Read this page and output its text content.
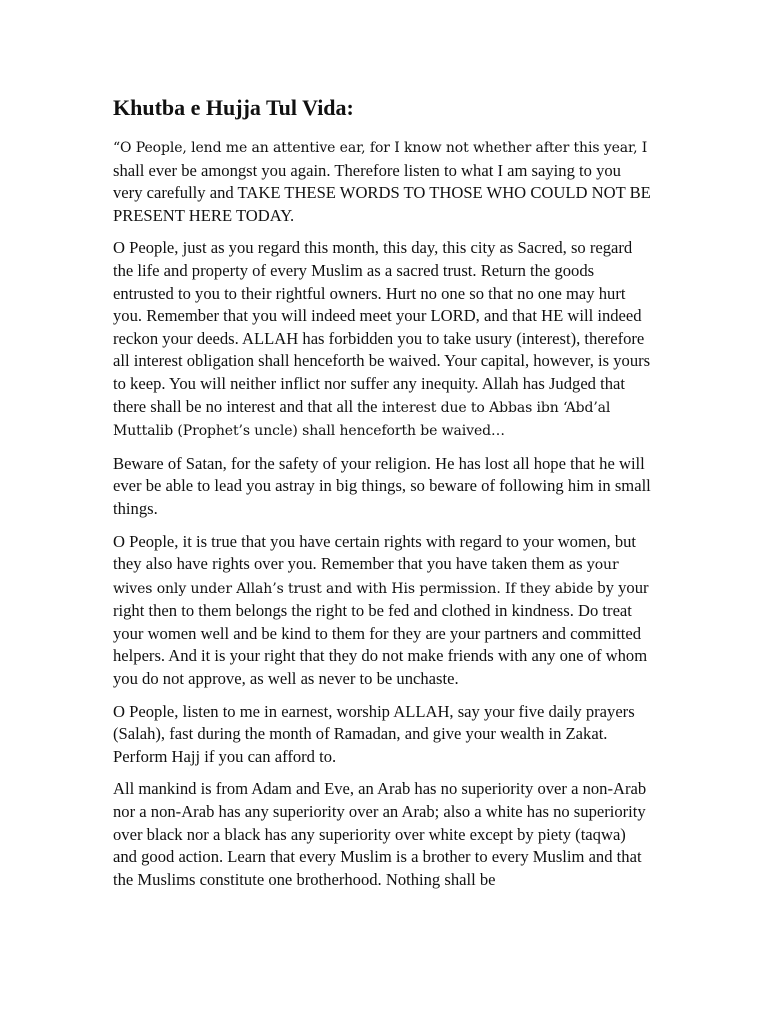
Khutba e Hujja Tul Vida:

“O People, lend me an attentive ear, for I know not whether after this year, I shall ever be amongst you again. Therefore listen to what I am saying to you very carefully and TAKE THESE WORDS TO THOSE WHO COULD NOT BE PRESENT HERE TODAY.

O People, just as you regard this month, this day, this city as Sacred, so regard the life and property of every Muslim as a sacred trust. Return the goods entrusted to you to their rightful owners. Hurt no one so that no one may hurt you. Remember that you will indeed meet your LORD, and that HE will indeed reckon your deeds. ALLAH has forbidden you to take usury (interest), therefore all interest obligation shall henceforth be waived. Your capital, however, is yours to keep. You will neither inflict nor suffer any inequity. Allah has Judged that there shall be no interest and that all the interest due to Abbas ibn ‘Abd’al Muttalib (Prophet’s uncle) shall henceforth be waived…

Beware of Satan, for the safety of your religion. He has lost all hope that he will ever be able to lead you astray in big things, so beware of following him in small things.

O People, it is true that you have certain rights with regard to your women, but they also have rights over you. Remember that you have taken them as your wives only under Allah’s trust and with His permission. If they abide by your right then to them belongs the right to be fed and clothed in kindness. Do treat your women well and be kind to them for they are your partners and committed helpers. And it is your right that they do not make friends with any one of whom you do not approve, as well as never to be unchaste.

O People, listen to me in earnest, worship ALLAH, say your five daily prayers (Salah), fast during the month of Ramadan, and give your wealth in Zakat. Perform Hajj if you can afford to.

All mankind is from Adam and Eve, an Arab has no superiority over a non-Arab nor a non-Arab has any superiority over an Arab; also a white has no superiority over black nor a black has any superiority over white except by piety (taqwa) and good action. Learn that every Muslim is a brother to every Muslim and that the Muslims constitute one brotherhood. Nothing shall be
